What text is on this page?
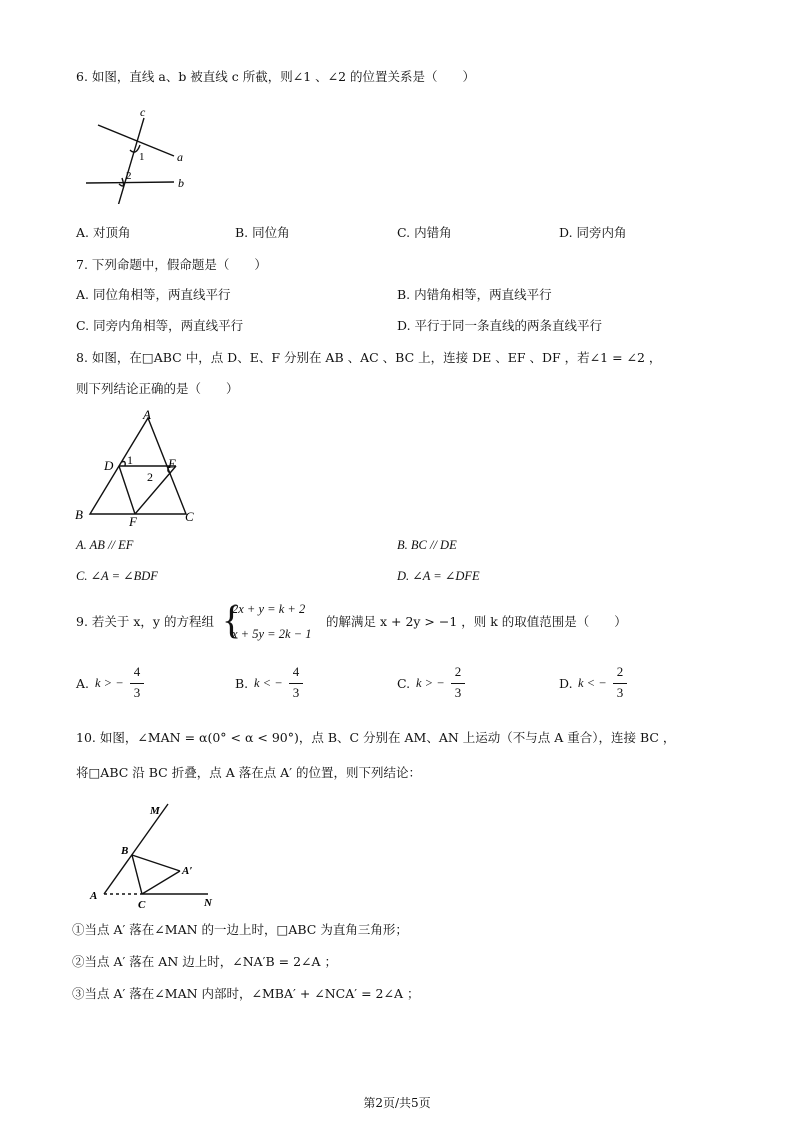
6. 如图，直线 a、b 被直线 c 所截，则∠1 、∠2 的位置关系是（　　）
c
1	a
2	b
A. 对顶角	B. 同位角	C. 内错角	D. 同旁内角
7. 下列命题中，假命题是（　　）
A. 同位角相等，两直线平行	B. 内错角相等，两直线平行
C. 同旁内角相等，两直线平行	D. 平行于同一条直线的两条直线平行
8. 如图，在□ABC 中，点 D、E、F 分别在 AB 、AC 、BC 上，连接 DE 、EF 、DF ，若∠1 = ∠2 ，
则下列结论正确的是（　　）
A
D 1	E
2
B	F	C
A. AB // EF	B. BC // DE
C. ∠A = ∠BDF	D. ∠A = ∠DFE
9. 若关于 x，y 的方程组 {
2x + y = k + 2
x + 5y = 2k − 1
的解满足 x + 2y > −1 ，则 k 的取值范围是（　　）
A. k > −
4
3
B. k < −
4
3
C. k > −
2
3
D. k < −
2
3
10. 如图，∠MAN = α(0° < α < 90°)，点 B、C 分别在 AM、AN 上运动（不与点 A 重合），连接 BC ，
将□ABC 沿 BC 折叠，点 A 落在点 A′ 的位置，则下列结论：
M
B
A′
A
C	N
①当点 A′ 落在∠MAN 的一边上时，□ABC 为直角三角形；
②当点 A′ 落在 AN 边上时，∠NA′B = 2∠A ；
③当点 A′ 落在∠MAN 内部时，∠MBA′ + ∠NCA′ = 2∠A ；
第2页/共5页
